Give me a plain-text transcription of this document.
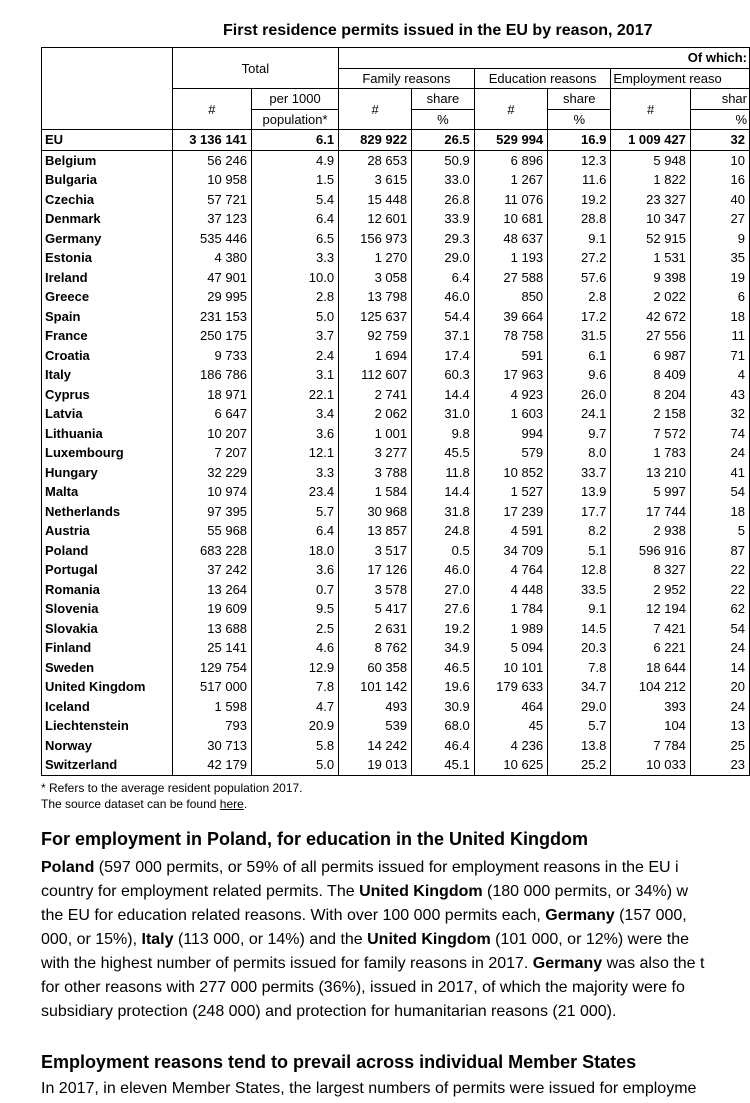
First residence permits issued in the EU by reason, 2017
	Total		Of which:					
			Family reasons		Education reasons		Employment reaso	
	#	per 1000	#	share	#	share	#	shar
		population*		%		%		%
EU	3 136 141	6.1	829 922	26.5	529 994	16.9	1 009 427	32
Belgium	56 246	4.9	28 653	50.9	6 896	12.3	5 948	10
Bulgaria	10 958	1.5	3 615	33.0	1 267	11.6	1 822	16
Czechia	57 721	5.4	15 448	26.8	11 076	19.2	23 327	40
Denmark	37 123	6.4	12 601	33.9	10 681	28.8	10 347	27
Germany	535 446	6.5	156 973	29.3	48 637	9.1	52 915	9
Estonia	4 380	3.3	1 270	29.0	1 193	27.2	1 531	35
Ireland	47 901	10.0	3 058	6.4	27 588	57.6	9 398	19
Greece	29 995	2.8	13 798	46.0	850	2.8	2 022	6
Spain	231 153	5.0	125 637	54.4	39 664	17.2	42 672	18
France	250 175	3.7	92 759	37.1	78 758	31.5	27 556	11
Croatia	9 733	2.4	1 694	17.4	591	6.1	6 987	71
Italy	186 786	3.1	112 607	60.3	17 963	9.6	8 409	4
Cyprus	18 971	22.1	2 741	14.4	4 923	26.0	8 204	43
Latvia	6 647	3.4	2 062	31.0	1 603	24.1	2 158	32
Lithuania	10 207	3.6	1 001	9.8	994	9.7	7 572	74
Luxembourg	7 207	12.1	3 277	45.5	579	8.0	1 783	24
Hungary	32 229	3.3	3 788	11.8	10 852	33.7	13 210	41
Malta	10 974	23.4	1 584	14.4	1 527	13.9	5 997	54
Netherlands	97 395	5.7	30 968	31.8	17 239	17.7	17 744	18
Austria	55 968	6.4	13 857	24.8	4 591	8.2	2 938	5
Poland	683 228	18.0	3 517	0.5	34 709	5.1	596 916	87
Portugal	37 242	3.6	17 126	46.0	4 764	12.8	8 327	22
Romania	13 264	0.7	3 578	27.0	4 448	33.5	2 952	22
Slovenia	19 609	9.5	5 417	27.6	1 784	9.1	12 194	62
Slovakia	13 688	2.5	2 631	19.2	1 989	14.5	7 421	54
Finland	25 141	4.6	8 762	34.9	5 094	20.3	6 221	24
Sweden	129 754	12.9	60 358	46.5	10 101	7.8	18 644	14
United Kingdom	517 000	7.8	101 142	19.6	179 633	34.7	104 212	20
Iceland	1 598	4.7	493	30.9	464	29.0	393	24
Liechtenstein	793	20.9	539	68.0	45	5.7	104	13
Norway	30 713	5.8	14 242	46.4	4 236	13.8	7 784	25
Switzerland	42 179	5.0	19 013	45.1	10 625	25.2	10 033	23
* Refers to the average resident population 2017.
The source dataset can be found here.
For employment in Poland, for education in the United Kingdom
Poland (597 000 permits, or 59% of all permits issued for employment reasons in the EU i
country for employment related permits. The United Kingdom (180 000 permits, or 34%) w
the EU for education related reasons. With over 100 000 permits each, Germany (157 000,
000, or 15%), Italy (113 000, or 14%) and the United Kingdom (101 000, or 12%) were the
with the highest number of permits issued for family reasons in 2017. Germany was also the t
for other reasons with 277 000 permits (36%), issued in 2017, of which the majority were fo
subsidiary protection (248 000) and protection for humanitarian reasons (21 000).
Employment reasons tend to prevail across individual Member States
In 2017, in eleven Member States, the largest numbers of permits were issued for employme
